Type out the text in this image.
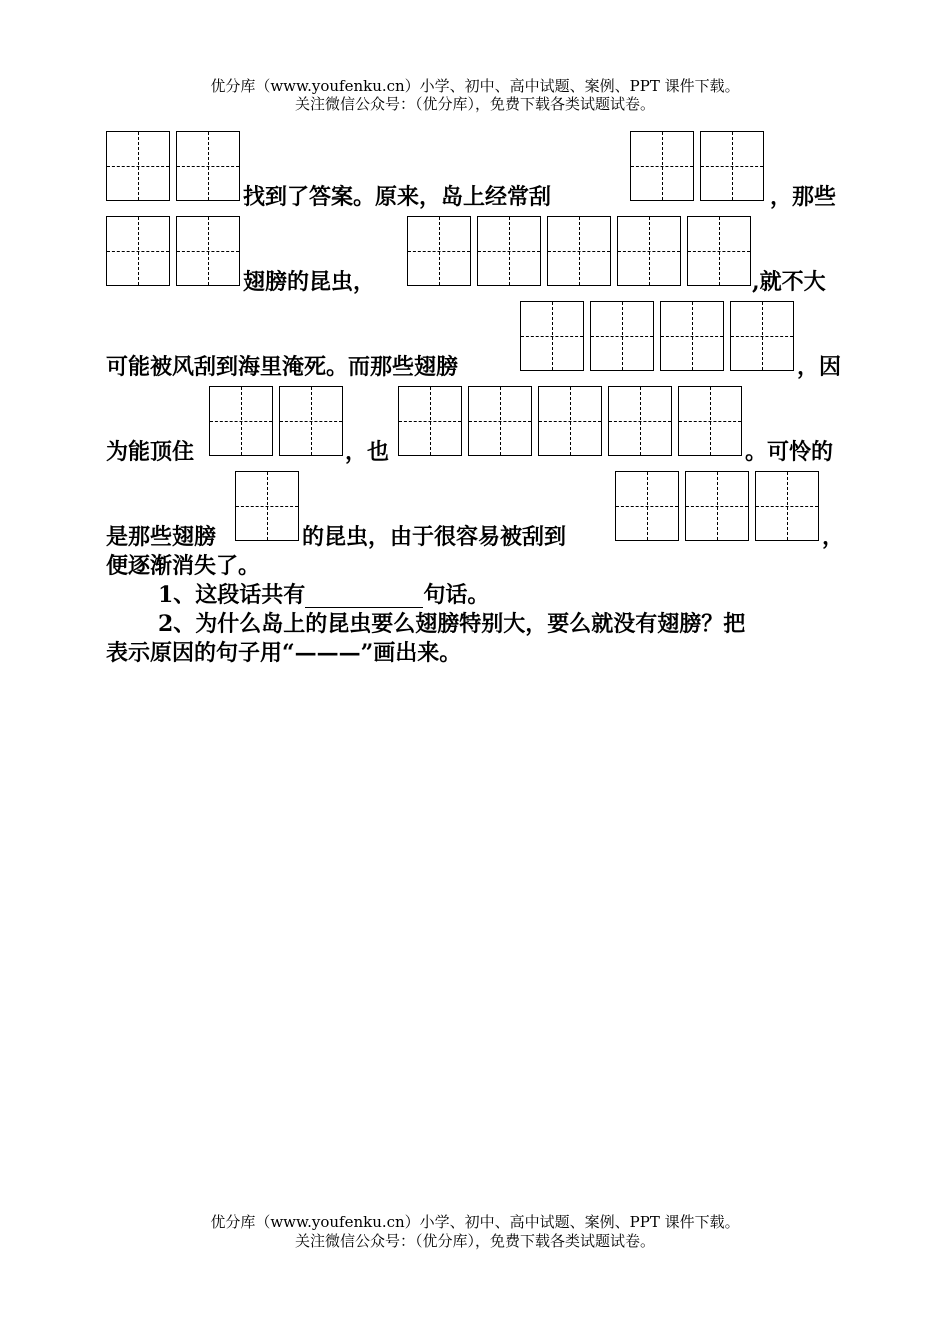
优分库（www.youfenku.cn）小学、初中、高中试题、案例、PPT 课件下载。
关注微信公众号：（优分库），免费下载各类试题试卷。
找到了答案。原来，岛上经常刮	，那些
翅膀的昆虫，	,就不大
可能被风刮到海里淹死。而那些翅膀	，因
为能顶住	，也	。可怜的
是那些翅膀	的昆虫，由于很容易被刮到	，
便逐渐消失了。
1、这段话共有	句话。
2、为什么岛上的昆虫要么翅膀特别大，要么就没有翅膀？把
表示原因的句子用“———”画出来。
优分库（www.youfenku.cn）小学、初中、高中试题、案例、PPT 课件下载。
关注微信公众号：（优分库），免费下载各类试题试卷。
